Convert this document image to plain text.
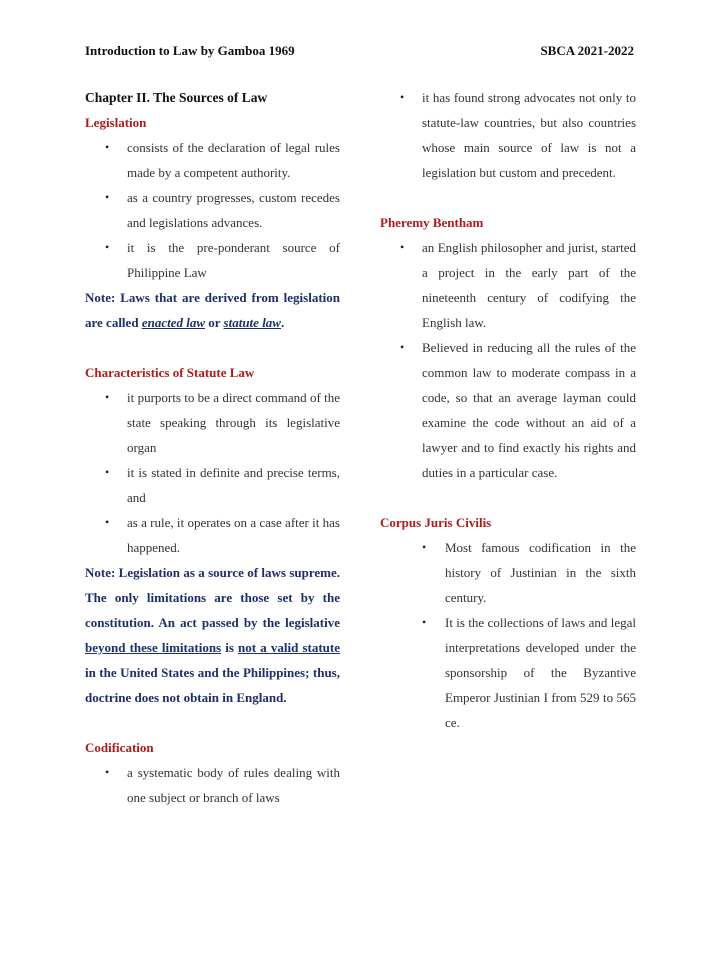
Introduction to Law by Gamboa 1969	SBCA 2021-2022
Chapter II. The Sources of Law
Legislation
• consists of the declaration of legal rules made by a competent authority.
• as a country progresses, custom recedes and legislations advances.
• it is the pre-ponderant source of Philippine Law
Note: Laws that are derived from legislation are called enacted law or statute law.
Characteristics of Statute Law
• it purports to be a direct command of the state speaking through its legislative organ
• it is stated in definite and precise terms, and
• as a rule, it operates on a case after it has happened.
Note: Legislation as a source of laws supreme. The only limitations are those set by the constitution. An act passed by the legislative beyond these limitations is not a valid statute in the United States and the Philippines; thus, doctrine does not obtain in England.
Codification
• a systematic body of rules dealing with one subject or branch of laws
• it has found strong advocates not only to statute-law countries, but also countries whose main source of law is not a legislation but custom and precedent.
Pheremy Bentham
• an English philosopher and jurist, started a project in the early part of the nineteenth century of codifying the English law.
• Believed in reducing all the rules of the common law to moderate compass in a code, so that an average layman could examine the code without an aid of a lawyer and to find exactly his rights and duties in a particular case.
Corpus Juris Civilis
• Most famous codification in the history of Justinian in the sixth century.
• It is the collections of laws and legal interpretations developed under the sponsorship of the Byzantive Emperor Justinian I from 529 to 565 ce.
